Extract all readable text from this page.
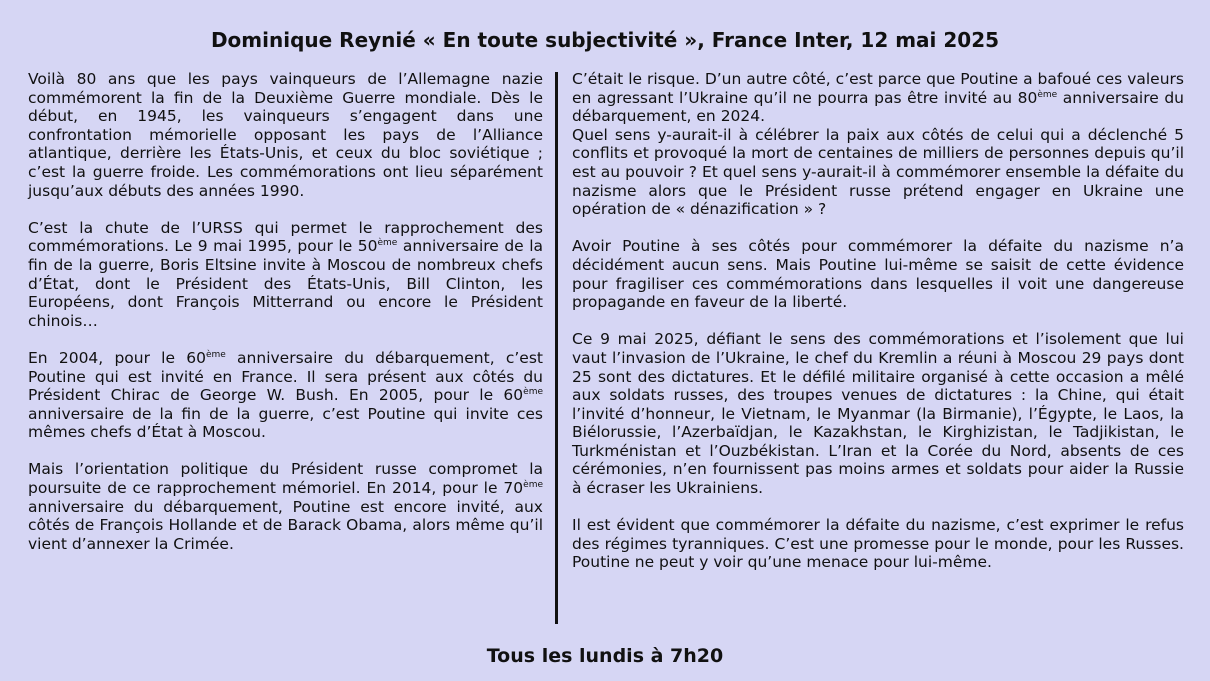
Dominique Reynié « En toute subjectivité », France Inter, 12 mai 2025

Voilà 80 ans que les pays vainqueurs de l’Allemagne nazie commémorent la fin de la Deuxième Guerre mondiale. Dès le début, en 1945, les vainqueurs s’engagent dans une confrontation mémorielle opposant les pays de l’Alliance atlantique, derrière les États-Unis, et ceux du bloc soviétique ; c’est la guerre froide. Les commémorations ont lieu séparément jusqu’aux débuts des années 1990.

C’est la chute de l’URSS qui permet le rapprochement des commémorations. Le 9 mai 1995, pour le 50ème anniversaire de la fin de la guerre, Boris Eltsine invite à Moscou de nombreux chefs d’État, dont le Président des États-Unis, Bill Clinton, les Européens, dont François Mitterrand ou encore le Président chinois…

En 2004, pour le 60ème anniversaire du débarquement, c’est Poutine qui est invité en France. Il sera présent aux côtés du Président Chirac de George W. Bush. En 2005, pour le 60ème anniversaire de la fin de la guerre, c’est Poutine qui invite ces mêmes chefs d’État à Moscou.

Mais l’orientation politique du Président russe compromet la poursuite de ce rapprochement mémoriel. En 2014, pour le 70ème anniversaire du débarquement, Poutine est encore invité, aux côtés de François Hollande et de Barack Obama, alors même qu’il vient d’annexer la Crimée.

C’était le risque. D’un autre côté, c’est parce que Poutine a bafoué ces valeurs en agressant l’Ukraine qu’il ne pourra pas être invité au 80ème anniversaire du débarquement, en 2024.
Quel sens y-aurait-il à célébrer la paix aux côtés de celui qui a déclenché 5 conflits et provoqué la mort de centaines de milliers de personnes depuis qu’il est au pouvoir ? Et quel sens y-aurait-il à commémorer ensemble la défaite du nazisme alors que le Président russe prétend engager en Ukraine une opération de « dénazification » ?

Avoir Poutine à ses côtés pour commémorer la défaite du nazisme n’a décidément aucun sens. Mais Poutine lui-même se saisit de cette évidence pour fragiliser ces commémorations dans lesquelles il voit une dangereuse propagande en faveur de la liberté.

Ce 9 mai 2025, défiant le sens des commémorations et l’isolement que lui vaut l’invasion de l’Ukraine, le chef du Kremlin a réuni à Moscou 29 pays dont 25 sont des dictatures. Et le défilé militaire organisé à cette occasion a mêlé aux soldats russes, des troupes venues de dictatures : la Chine, qui était l’invité d’honneur, le Vietnam, le Myanmar (la Birmanie), l’Égypte, le Laos, la Biélorussie, l’Azerbaïdjan, le Kazakhstan, le Kirghizistan, le Tadjikistan, le Turkménistan et l’Ouzbékistan. L’Iran et la Corée du Nord, absents de ces cérémonies, n’en fournissent pas moins armes et soldats pour aider la Russie à écraser les Ukrainiens.

Il est évident que commémorer la défaite du nazisme, c’est exprimer le refus des régimes tyranniques. C’est une promesse pour le monde, pour les Russes. Poutine ne peut y voir qu’une menace pour lui-même.

Tous les lundis à 7h20
